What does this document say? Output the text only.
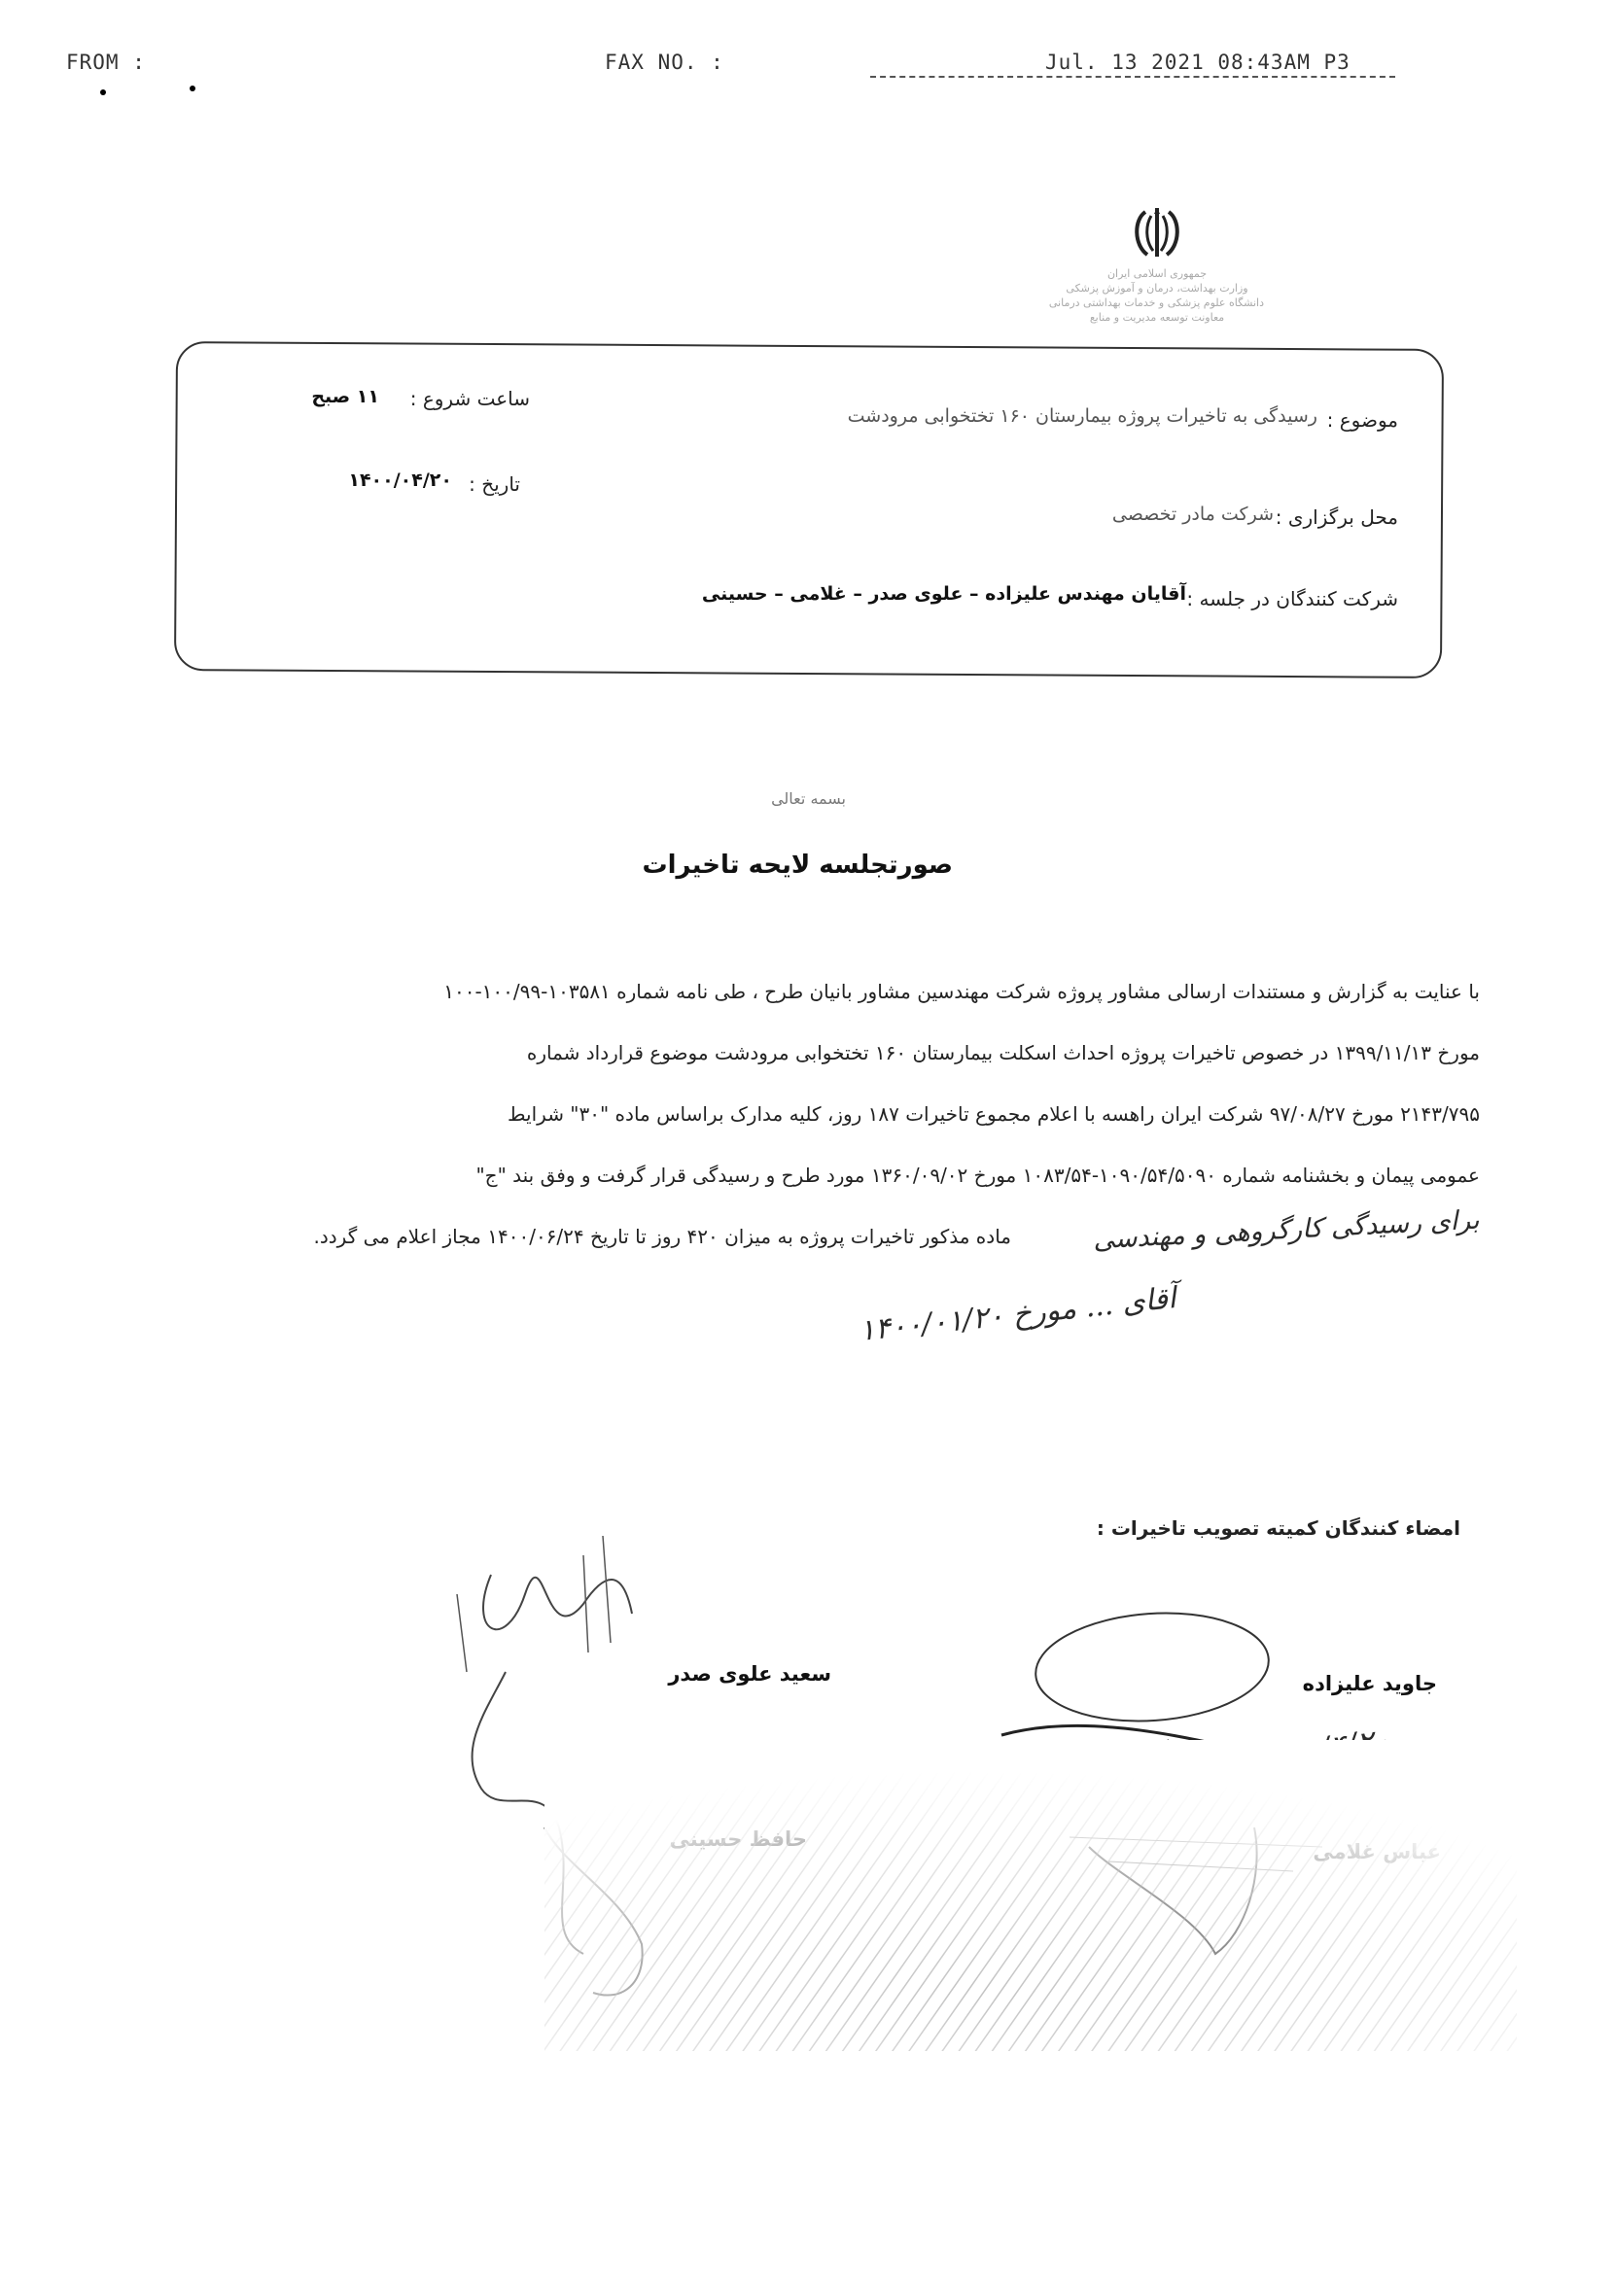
FROM :	FAX NO. :	Jul. 13 2021 08:43AM P3
جمهوری اسلامی ایران
وزارت بهداشت، درمان و آموزش پزشکی
دانشگاه علوم پزشکی و خدمات بهداشتی درمانی
معاونت توسعه مدیریت و منابع
ساعت شروع :
۱۱ صبح
تاریخ :
۱۴۰۰/۰۴/۲۰
موضوع :
رسیدگی به تاخیرات پروژه بیمارستان ۱۶۰ تختخوابی مرودشت
محل برگزاری :
شرکت مادر تخصصی
شرکت کنندگان در جلسه :
آقایان مهندس علیزاده – علوی صدر – غلامی – حسینی
بسمه تعالی
صورتجلسه لایحه تاخیرات
با عنایت به گزارش و مستندات ارسالی مشاور پروژه شرکت مهندسین مشاور بانیان طرح ، طی نامه شماره ۱۰۳۵۸۱-۱۰۰/۹۹-۱۰۰
مورخ ۱۳۹۹/۱۱/۱۳ در خصوص تاخیرات پروژه احداث اسکلت بیمارستان ۱۶۰ تختخوابی مرودشت موضوع قرارداد شماره
۲۱۴۳/۷۹۵ مورخ ۹۷/۰۸/۲۷ شرکت ایران راهسه با اعلام مجموع تاخیرات ۱۸۷ روز، کلیه مدارک براساس ماده "۳۰" شرایط
عمومی پیمان و بخشنامه شماره ۱۰۹۰/۵۴/۵۰۹۰-۱۰۸۳/۵۴ مورخ ۱۳۶۰/۰۹/۰۲ مورد طرح و رسیدگی قرار گرفت و وفق بند "ج"
ماده مذکور تاخیرات پروژه به میزان ۴۲۰ روز تا تاریخ ۱۴۰۰/۰۶/۲۴ مجاز اعلام می گردد.	برای رسیدگی کارگروهی و مهندسی
آقای ... مورخ ۱۴۰۰/۰۱/۲۰
امضاء کنندگان کمیته تصویب تاخیرات :
جاوید علیزاده
سعید علوی صدر
